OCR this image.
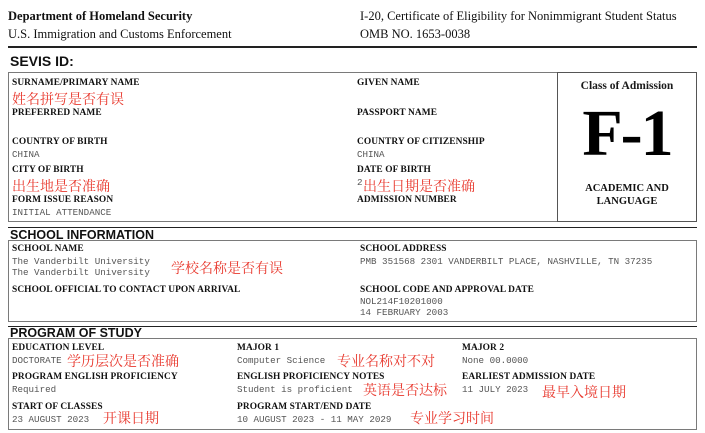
Department of Homeland Security
U.S. Immigration and Customs Enforcement
I-20, Certificate of Eligibility for Nonimmigrant Student Status
OMB NO. 1653-0038
SEVIS ID:
SURNAME/PRIMARY NAME
姓名拼写是否有误
GIVEN NAME
PREFERRED NAME	PASSPORT NAME
COUNTRY OF BIRTH
CHINA
COUNTRY OF CITIZENSHIP
CHINA
CITY OF BIRTH
出生地是否准确
DATE OF BIRTH
2 出生日期是否准确
FORM ISSUE REASON
INITIAL ATTENDANCE
ADMISSION NUMBER
Class of Admission
F-1
ACADEMIC AND
LANGUAGE
SCHOOL INFORMATION
SCHOOL NAME
The Vanderbilt University
The Vanderbilt University 学校名称是否有误
SCHOOL ADDRESS
PMB 351568 2301 VANDERBILT PLACE, NASHVILLE, TN 37235
SCHOOL OFFICIAL TO CONTACT UPON ARRIVAL	SCHOOL CODE AND APPROVAL DATE
NOL214F10201000
14 FEBRUARY 2003
PROGRAM OF STUDY
EDUCATION LEVEL
DOCTORATE 学历层次是否准确
MAJOR 1
Computer Science 专业名称对不对
MAJOR 2
None 00.0000
PROGRAM ENGLISH PROFICIENCY
Required
ENGLISH PROFICIENCY NOTES
Student is proficient 英语是否达标
EARLIEST ADMISSION DATE
11 JULY 2023 最早入境日期
START OF CLASSES
23 AUGUST 2023 开课日期
PROGRAM START/END DATE
10 AUGUST 2023 - 11 MAY 2029 专业学习时间
